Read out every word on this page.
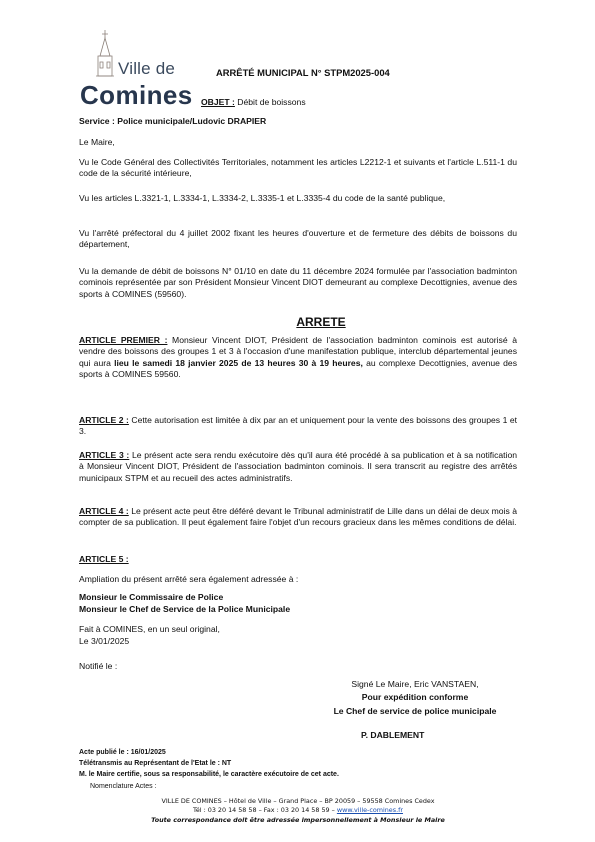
Ville de
Comines
ARRÊTÉ MUNICIPAL N° STPM2025-004
OBJET : Débit de boissons
Service : Police municipale/Ludovic DRAPIER
Le Maire,
Vu le Code Général des Collectivités Territoriales, notamment les articles L2212-1 et suivants et l'article L.511-1 du code de la sécurité intérieure,
Vu les articles L.3321-1, L.3334-1, L.3334-2, L.3335-1 et L.3335-4 du code de la santé publique,
Vu l'arrêté préfectoral du 4 juillet 2002 fixant les heures d'ouverture et de fermeture des débits de boissons du département,
Vu la demande de débit de boissons N° 01/10 en date du 11 décembre 2024 formulée par l'association badminton cominois représentée par son Président Monsieur Vincent DIOT demeurant au complexe Decottignies, avenue des sports à COMINES (59560).
ARRETE
ARTICLE PREMIER : Monsieur Vincent DIOT, Président de l'association badminton cominois est autorisé à vendre des boissons des groupes 1 et 3 à l'occasion d'une manifestation publique, interclub départemental jeunes qui aura lieu le samedi 18 janvier 2025 de 13 heures 30 à 19 heures, au complexe Decottignies, avenue des sports à COMINES 59560.
ARTICLE 2 : Cette autorisation est limitée à dix par an et uniquement pour la vente des boissons des groupes 1 et 3.
ARTICLE 3 : Le présent acte sera rendu exécutoire dès qu'il aura été procédé à sa publication et à sa notification à Monsieur Vincent DIOT, Président de l'association badminton cominois. Il sera transcrit au registre des arrêtés municipaux STPM et au recueil des actes administratifs.
ARTICLE 4 : Le présent acte peut être déféré devant le Tribunal administratif de Lille dans un délai de deux mois à compter de sa publication. Il peut également faire l'objet d'un recours gracieux dans les mêmes conditions de délai.
ARTICLE 5 :
Ampliation du présent arrêté sera également adressée à :
Monsieur le Commissaire de Police
Monsieur le Chef de Service de la Police Municipale
Fait à COMINES, en un seul original,
Le 3/01/2025
Notifié le :
Signé Le Maire, Eric VANSTAEN,
Pour expédition conforme
Le Chef de service de police municipale
P. DABLEMENT
Acte publié le : 16/01/2025
Télétransmis au Représentant de l'Etat le : NT
M. le Maire certifie, sous sa responsabilité, le caractère exécutoire de cet acte.
Nomenclature Actes :
VILLE DE COMINES – Hôtel de Ville – Grand Place – BP 20059 – 59558 Comines Cedex
Tél : 03 20 14 58 58 – Fax : 03 20 14 58 59 – www.ville-comines.fr
Toute correspondance doit être adressée impersonnellement à Monsieur le Maire
